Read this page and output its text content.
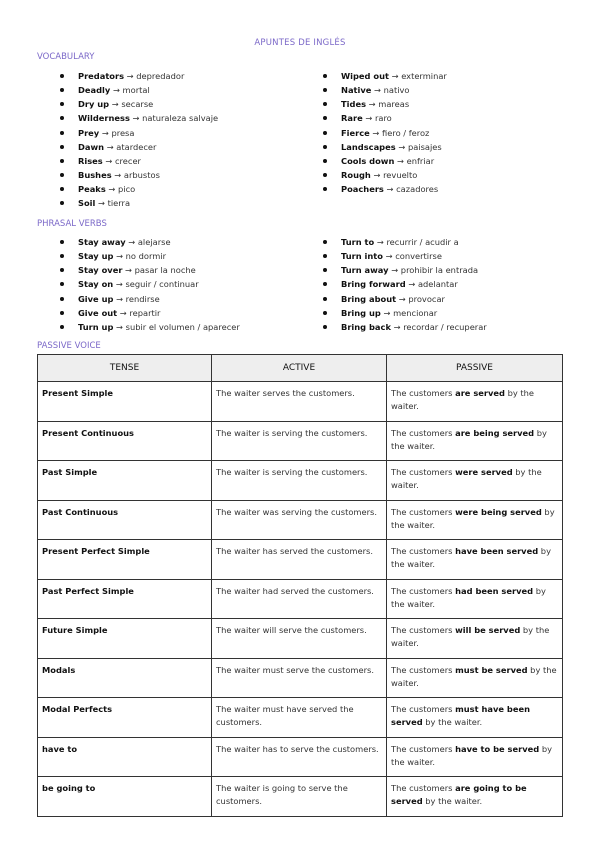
APUNTES DE INGLÉS
VOCABULARY
Predators → depredador
Deadly → mortal
Dry up → secarse
Wilderness → naturaleza salvaje
Prey → presa
Dawn → atardecer
Rises → crecer
Bushes → arbustos
Peaks → pico
Soil → tierra
Wiped out → exterminar
Native → nativo
Tides → mareas
Rare → raro
Fierce → fiero / feroz
Landscapes → paisajes
Cools down → enfriar
Rough → revuelto
Poachers → cazadores
PHRASAL VERBS
Stay away → alejarse
Stay up → no dormir
Stay over → pasar la noche
Stay on → seguir / continuar
Give up → rendirse
Give out → repartir
Turn up → subir el volumen / aparecer
Turn to → recurrir / acudir a
Turn into → convertirse
Turn away → prohibir la entrada
Bring forward → adelantar
Bring about → provocar
Bring up → mencionar
Bring back → recordar / recuperar
PASSIVE VOICE
TENSE	ACTIVE	PASSIVE
Present Simple	The waiter serves the customers.	The customers are served by the waiter.
Present Continuous	The waiter is serving the customers.	The customers are being served by the waiter.
Past Simple	The waiter is serving the customers.	The customers were served by the waiter.
Past Continuous	The waiter was serving the customers.	The customers were being served by the waiter.
Present Perfect Simple	The waiter has served the customers.	The customers have been served by the waiter.
Past Perfect Simple	The waiter had served the customers.	The customers had been served by the waiter.
Future Simple	The waiter will serve the customers.	The customers will be served by the waiter.
Modals	The waiter must serve the customers.	The customers must be served by the waiter.
Modal Perfects	The waiter must have served the customers.	The customers must have been served by the waiter.
have to	The waiter has to serve the customers.	The customers have to be served by the waiter.
be going to	The waiter is going to serve the customers.	The customers are going to be served by the waiter.
